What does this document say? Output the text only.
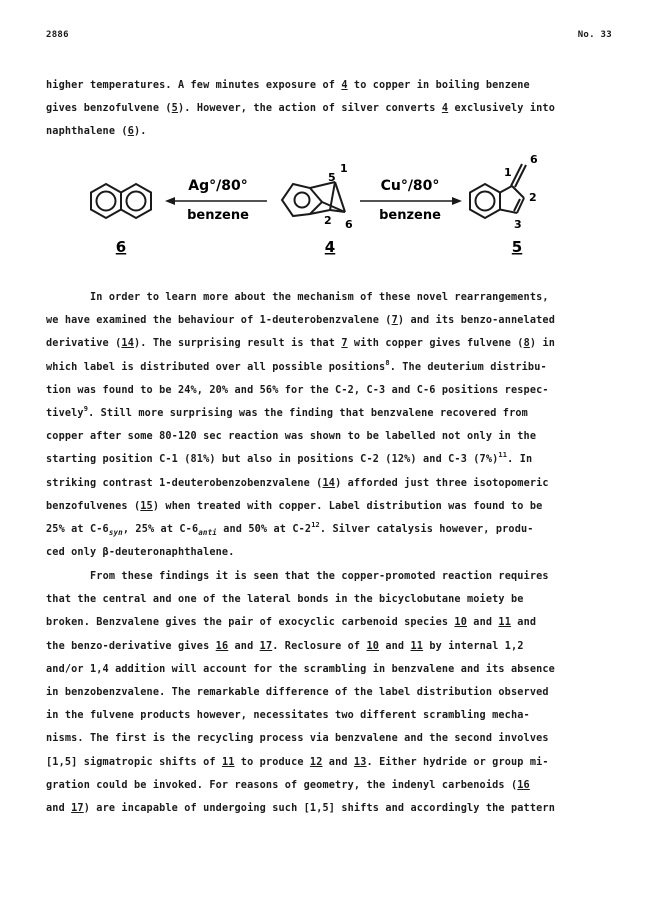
2886	No. 33

higher temperatures. A few minutes exposure of 4 to copper in boiling benzene

gives benzofulvene (5). However, the action of silver converts 4 exclusively into

naphthalene (6).

6
Ag°/80°
benzene
5
1
2 6
4
Cu°/80°
benzene
1
6
2
3
5

In order to learn more about the mechanism of these novel rearrangements,

we have examined the behaviour of 1-deuterobenzvalene (7) and its benzo-annelated

derivative (14). The surprising result is that 7 with copper gives fulvene (8) in

which label is distributed over all possible positions$^8$. The deuterium distribu-

tion was found to be 24%, 20% and 56% for the C-2, C-3 and C-6 positions respec-

tively$^9$. Still more surprising was the finding that benzvalene recovered from

copper after some 80-120 sec reaction was shown to be labelled not only in the

starting position C-1 (81%) but also in positions C-2 (12%) and C-3 $(7\%)^{11}$. In

striking contrast 1-deuterobenzobenzvalene (14) afforded just three isotopomeric

benzofulvenes (15) when treated with copper. Label distribution was found to be

25% at $C-6_{syn}$, 25% at $C-6_{anti}$ and 50% at $C-2^{12}$. Silver catalysis however, produ-

ced only β-deuteronaphthalene.

From these findings it is seen that the copper-promoted reaction requires

that the central and one of the lateral bonds in the bicyclobutane moiety be

broken. Benzvalene gives the pair of exocyclic carbenoid species 10 and 11 and

the benzo-derivative gives 16 and 17. Reclosure of 10 and 11 by internal 1,2

and/or 1,4 addition will account for the scrambling in benzvalene and its absence

in benzobenzvalene. The remarkable difference of the label distribution observed

in the fulvene products however, necessitates two different scrambling mecha-

nisms. The first is the recycling process via benzvalene and the second involves

[1,5] sigmatropic shifts of 11 to produce 12 and 13. Either hydride or group mi-

gration could be invoked. For reasons of geometry, the indenyl carbenoids (16

and 17) are incapable of undergoing such [1,5] shifts and accordingly the pattern
